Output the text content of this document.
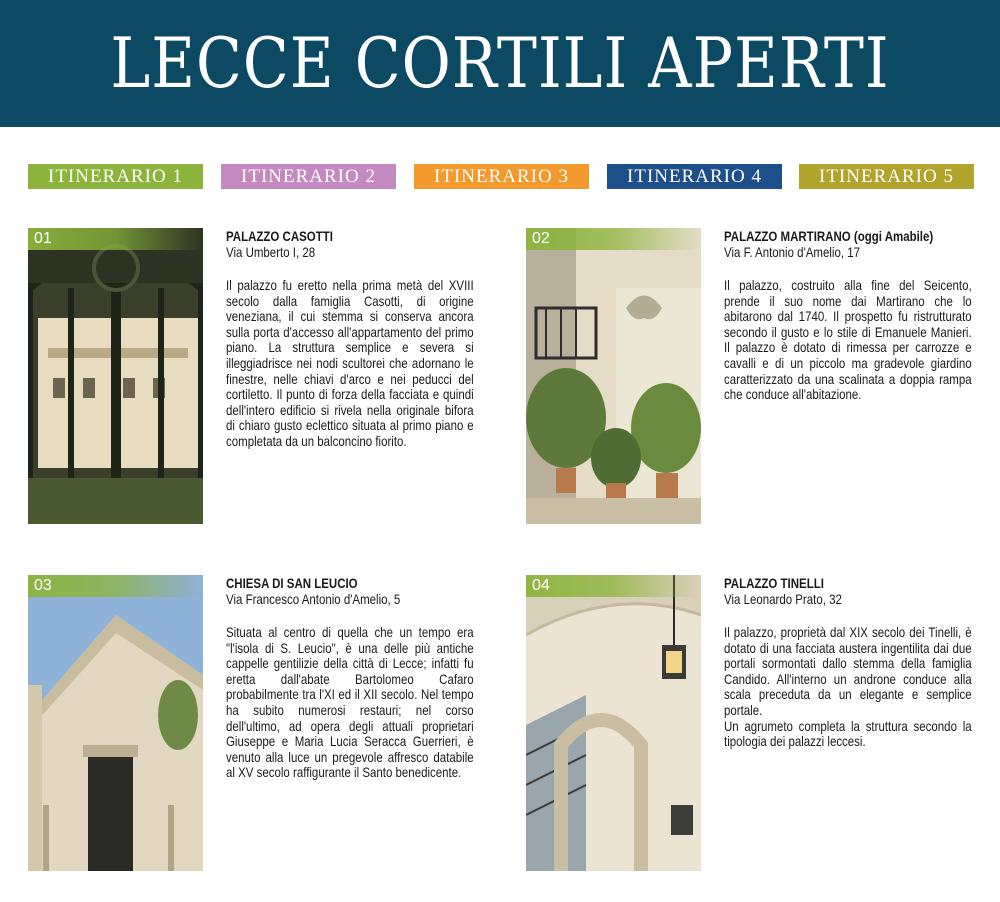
LECCE CORTILI APERTI
ITINERARIO 1	ITINERARIO 2	ITINERARIO 3	ITINERARIO 4	ITINERARIO 5
01	PALAZZO CASOTTI
Via Umberto I, 28

Il palazzo fu eretto nella prima metà del XVIII secolo dalla famiglia Casotti, di origine veneziana, il cui stemma si conserva ancora sulla porta d'accesso all'appartamento del primo piano. La struttura semplice e severa si illeggiadrisce nei nodi scultorei che adornano le finestre, nelle chiavi d'arco e nei peducci del cortiletto. Il punto di forza della facciata e quindi dell'intero edificio si rivela nella originale bifora di chiaro gusto eclettico situata al primo piano e completata da un balconcino fiorito.

02	PALAZZO MARTIRANO (oggi Amabile)
Via F. Antonio d'Amelio, 17

Il palazzo, costruito alla fine del Seicento, prende il suo nome dai Martirano che lo abitarono dal 1740. Il prospetto fu ristrutturato secondo il gusto e lo stile di Emanuele Manieri. Il palazzo è dotato di rimessa per carrozze e cavalli e di un piccolo ma gradevole giardino caratterizzato da una scalinata a doppia rampa che conduce all'abitazione.

03	CHIESA DI SAN LEUCIO
Via Francesco Antonio d'Amelio, 5

Situata al centro di quella che un tempo era "l'isola di S. Leucio", è una delle più antiche cappelle gentilizie della città di Lecce; infatti fu eretta dall'abate Bartolomeo Cafaro probabilmente tra l'XI ed il XII secolo. Nel tempo ha subito numerosi restauri; nel corso dell'ultimo, ad opera degli attuali proprietari Giuseppe e Maria Lucia Seracca Guerrieri, è venuto alla luce un pregevole affresco databile al XV secolo raffigurante il Santo benedicente.

04	PALAZZO TINELLI
Via Leonardo Prato, 32

Il palazzo, proprietà dal XIX secolo dei Tinelli, è dotato di una facciata austera ingentilita dai due portali sormontati dallo stemma della famiglia Candido. All'interno un androne conduce alla scala preceduta da un elegante e semplice portale.

Un agrumeto completa la struttura secondo la tipologia dei palazzi leccesi.
